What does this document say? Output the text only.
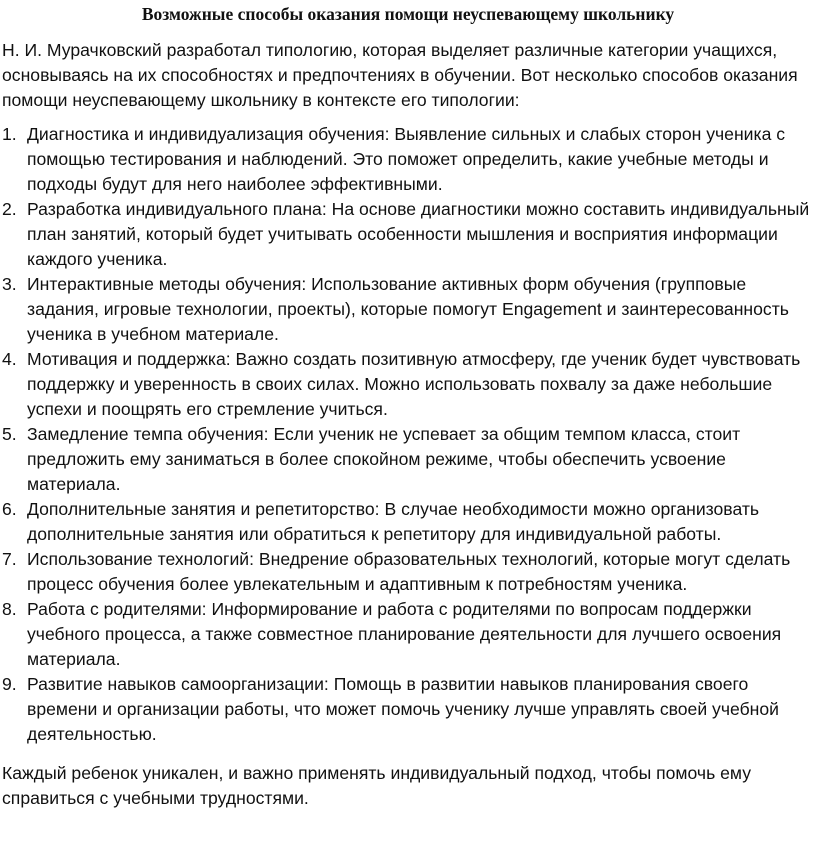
Возможные способы оказания помощи неуспевающему школьнику

Н. И. Мурачковский разработал типологию, которая выделяет различные категории учащихся, основываясь на их способностях и предпочтениях в обучении. Вот несколько способов оказания помощи неуспевающему школьнику в контексте его типологии:

1. Диагностика и индивидуализация обучения: Выявление сильных и слабых сторон ученика с помощью тестирования и наблюдений. Это поможет определить, какие учебные методы и подходы будут для него наиболее эффективными.
2. Разработка индивидуального плана: На основе диагностики можно составить индивидуальный план занятий, который будет учитывать особенности мышления и восприятия информации каждого ученика.
3. Интерактивные методы обучения: Использование активных форм обучения (групповые задания, игровые технологии, проекты), которые помогут Engagement и заинтересованность ученика в учебном материале.
4. Мотивация и поддержка: Важно создать позитивную атмосферу, где ученик будет чувствовать поддержку и уверенность в своих силах. Можно использовать похвалу за даже небольшие успехи и поощрять его стремление учиться.
5. Замедление темпа обучения: Если ученик не успевает за общим темпом класса, стоит предложить ему заниматься в более спокойном режиме, чтобы обеспечить усвоение материала.
6. Дополнительные занятия и репетиторство: В случае необходимости можно организовать дополнительные занятия или обратиться к репетитору для индивидуальной работы.
7. Использование технологий: Внедрение образовательных технологий, которые могут сделать процесс обучения более увлекательным и адаптивным к потребностям ученика.
8. Работа с родителями: Информирование и работа с родителями по вопросам поддержки учебного процесса, а также совместное планирование деятельности для лучшего освоения материала.
9. Развитие навыков самоорганизации: Помощь в развитии навыков планирования своего времени и организации работы, что может помочь ученику лучше управлять своей учебной деятельностью.

Каждый ребенок уникален, и важно применять индивидуальный подход, чтобы помочь ему справиться с учебными трудностями.
